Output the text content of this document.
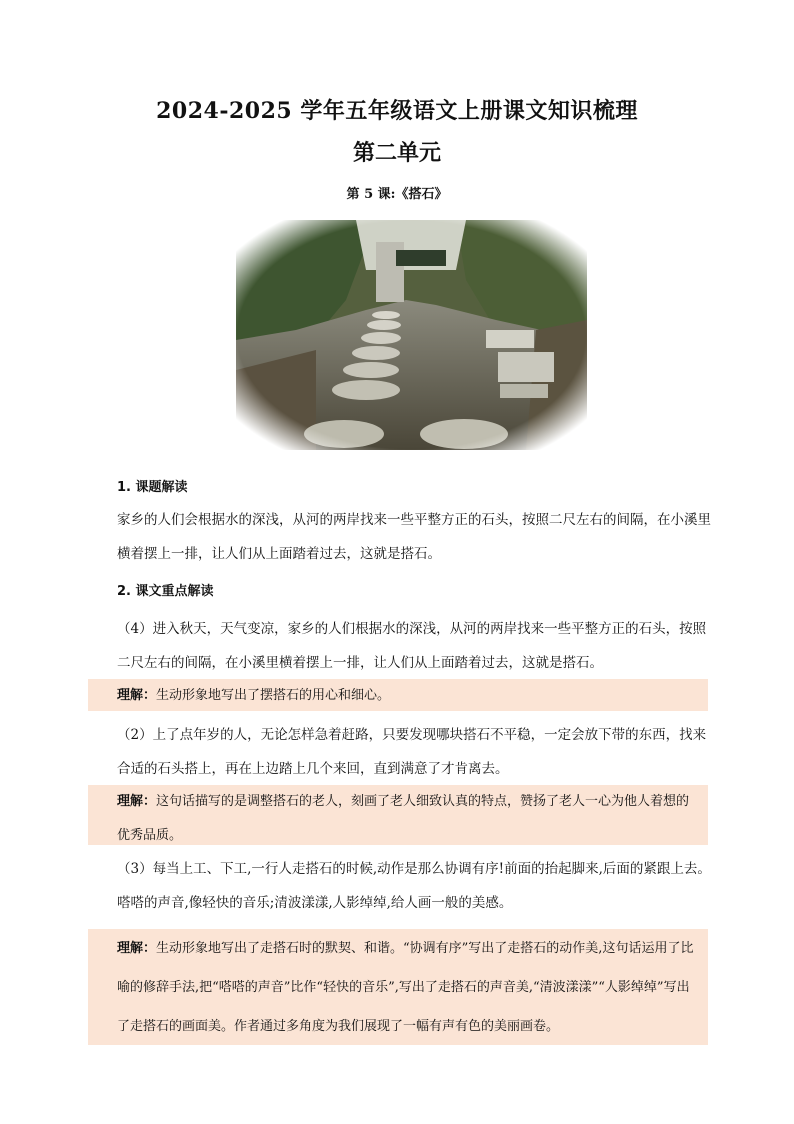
2024-2025 学年五年级语文上册课文知识梳理
第二单元
第 5 课:《搭石》
1. 课题解读
家乡的人们会根据水的深浅，从河的两岸找来一些平整方正的石头，按照二尺左右的间隔，在小溪里横着摆上一排，让人们从上面踏着过去，这就是搭石。
2. 课文重点解读
（4）进入秋天，天气变凉，家乡的人们根据水的深浅，从河的两岸找来一些平整方正的石头，按照二尺左右的间隔，在小溪里横着摆上一排，让人们从上面踏着过去，这就是搭石。
理解：生动形象地写出了摆搭石的用心和细心。
（2）上了点年岁的人，无论怎样急着赶路，只要发现哪块搭石不平稳，一定会放下带的东西，找来合适的石头搭上，再在上边踏上几个来回，直到满意了才肯离去。
理解：这句话描写的是调整搭石的老人，刻画了老人细致认真的特点，赞扬了老人一心为他人着想的优秀品质。
（3）每当上工、下工,一行人走搭石的时候,动作是那么协调有序!前面的抬起脚来,后面的紧跟上去。嗒嗒的声音,像轻快的音乐;清波漾漾,人影绰绰,给人画一般的美感。
理解：生动形象地写出了走搭石时的默契、和谐。“协调有序”写出了走搭石的动作美,这句话运用了比喻的修辞手法,把“嗒嗒的声音”比作“轻快的音乐”,写出了走搭石的声音美,“清波漾漾”“人影绰绰”写出了走搭石的画面美。作者通过多角度为我们展现了一幅有声有色的美丽画卷。
